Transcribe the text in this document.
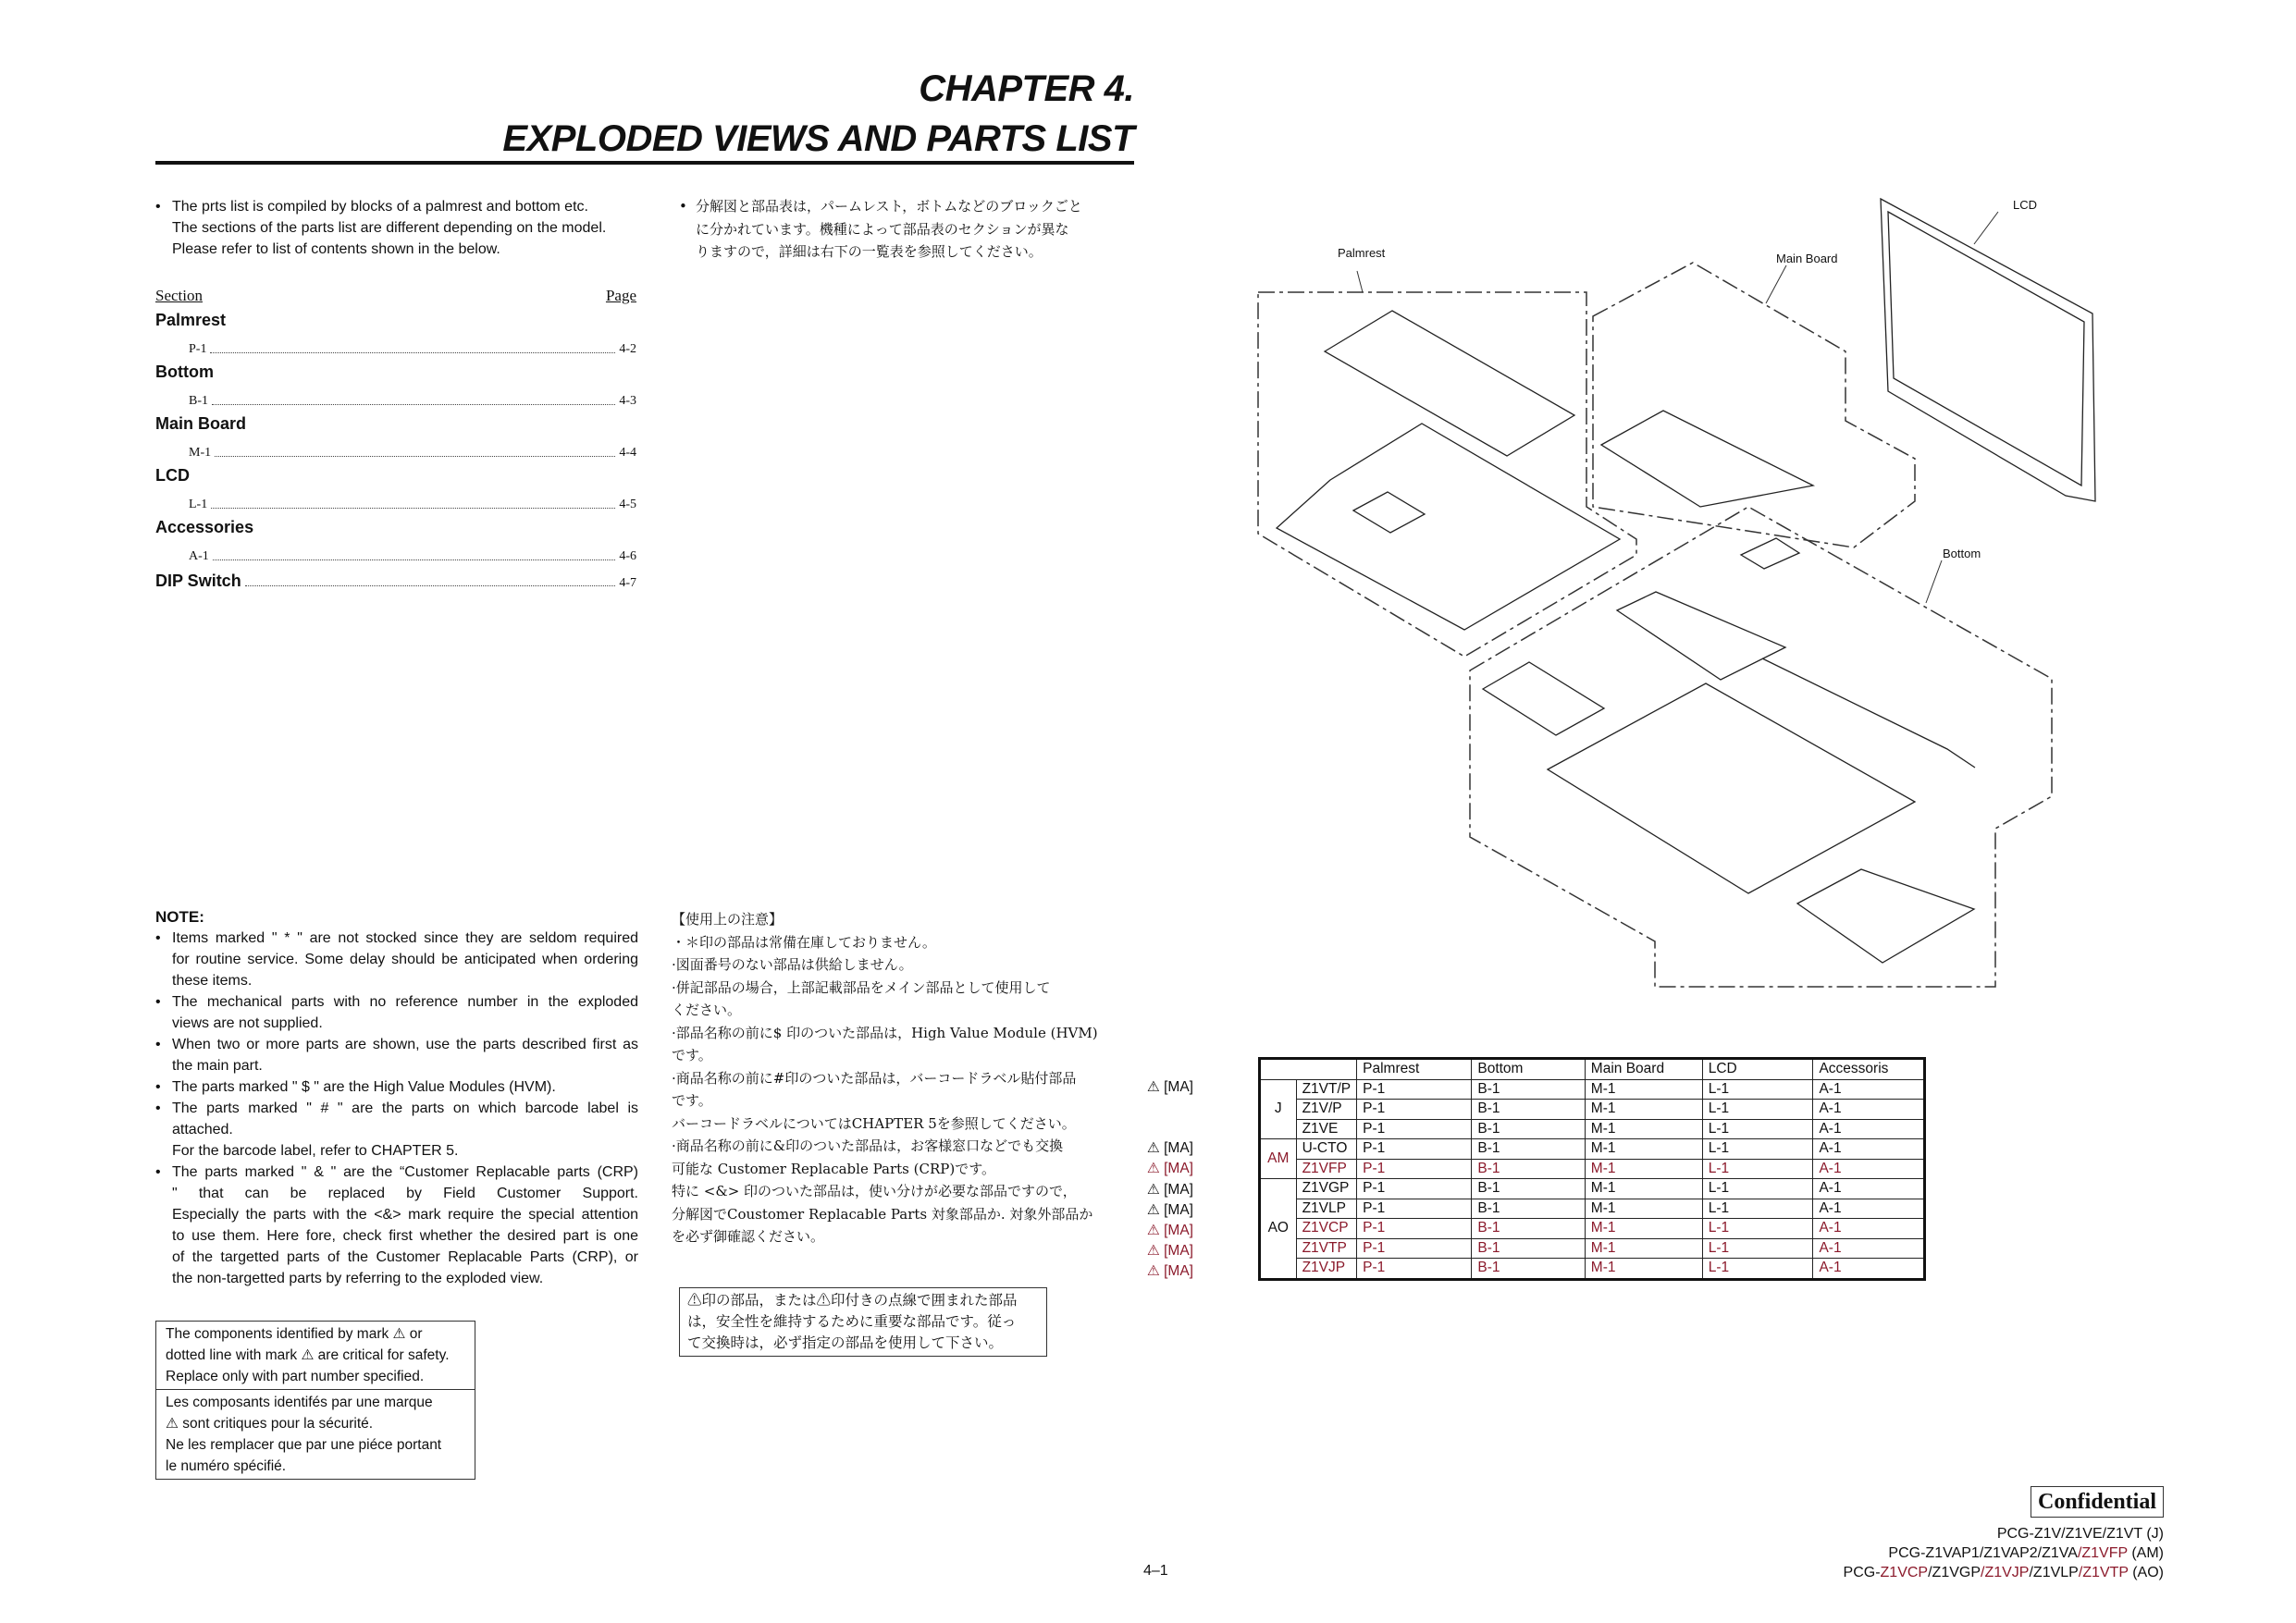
CHAPTER 4.
EXPLODED VIEWS AND PARTS LIST
• The prts list is compiled by blocks of a palmrest and bottom etc.
The sections of the parts list are different depending on the model.
Please refer to list of contents shown in the below.
• 分解図と部品表は，パームレスト，ボトムなどのブロックごと
に分かれています。機種によって部品表のセクションが異な
りますので，詳細は右下の一覧表を参照してください。
Section	Page
Palmrest
P-1	4-2
Bottom
B-1	4-3
Main Board
M-1	4-4
LCD
L-1	4-5
Accessories
A-1	4-6
DIP Switch	4-7
NOTE:
• Items marked " * " are not stocked since they are seldom required
for routine service. Some delay should be anticipated when ordering
these items.
• The mechanical parts with no reference number in the exploded
views are not supplied.
• When two or more parts are shown, use the parts described first as
the main part.
• The parts marked " $ " are the High Value Modules (HVM).
• The parts marked " # " are the parts on which barcode label is
attached.
For the barcode label, refer to CHAPTER 5.
• The parts marked " & " are the “Customer Replacable parts (CRP)
" that can be replaced by Field Customer Support.
Especially the parts with the <&> mark require the special attention
to use them. Here fore, check first whether the desired part is one
of the targetted parts of the Customer Replacable Parts (CRP), or
the non-targetted parts by referring to the exploded view.
【使用上の注意】
・＊印の部品は常備在庫しておりません。
·図面番号のない部品は供給しません。
·併記部品の場合，上部記載部品をメイン部品として使用して
ください。
·部品名称の前に$ 印のついた部品は，High Value Module (HVM)
です。
·商品名称の前に#印のついた部品は，バーコードラベル貼付部品
です。
バーコードラベルについてはCHAPTER 5を参照してください。
·商品名称の前に&印のついた部品は，お客様窓口などでも交換
可能な Customer Replacable Parts (CRP)です。
特に <&> 印のついた部品は，使い分けが必要な部品ですので，
分解図でCoustomer Replacable Parts 対象部品か. 対象外部品か
を必ず御確認ください。
The components identified by mark ⚠ or
dotted line with mark ⚠ are critical for safety.
Replace only with part number specified.
Les composants identifés par une marque
⚠ sont critiques pour la sécurité.
Ne les remplacer que par une piéce portant
le numéro spécifié.
⚠印の部品，または⚠印付きの点線で囲まれた部品
は，安全性を維持するために重要な部品です。従っ
て交換時は，必ず指定の部品を使用して下さい。
Palmrest	Main Board
LCD
Bottom
⚠ [MA]
⚠ [MA]
⚠ [MA]
⚠ [MA]
⚠ [MA]
⚠ [MA]
⚠ [MA]
⚠ [MA]
		Palmrest	Bottom	Main Board	LCD	Accessoris
J	Z1VT/P	P-1	B-1	M-1	L-1	A-1
	Z1V/P	P-1	B-1	M-1	L-1	A-1
	Z1VE	P-1	B-1	M-1	L-1	A-1
AM	U-CTO	P-1	B-1	M-1	L-1	A-1
	Z1VFP	P-1	B-1	M-1	L-1	A-1
AO	Z1VGP	P-1	B-1	M-1	L-1	A-1
	Z1VLP	P-1	B-1	M-1	L-1	A-1
	Z1VCP	P-1	B-1	M-1	L-1	A-1
	Z1VTP	P-1	B-1	M-1	L-1	A-1
	Z1VJP	P-1	B-1	M-1	L-1	A-1
4–1
Confidential
PCG-Z1V/Z1VE/Z1VT (J)
PCG-Z1VAP1/Z1VAP2/Z1VA/Z1VFP (AM)
PCG-Z1VCP/Z1VGP/Z1VJP/Z1VLP/Z1VTP (AO)
